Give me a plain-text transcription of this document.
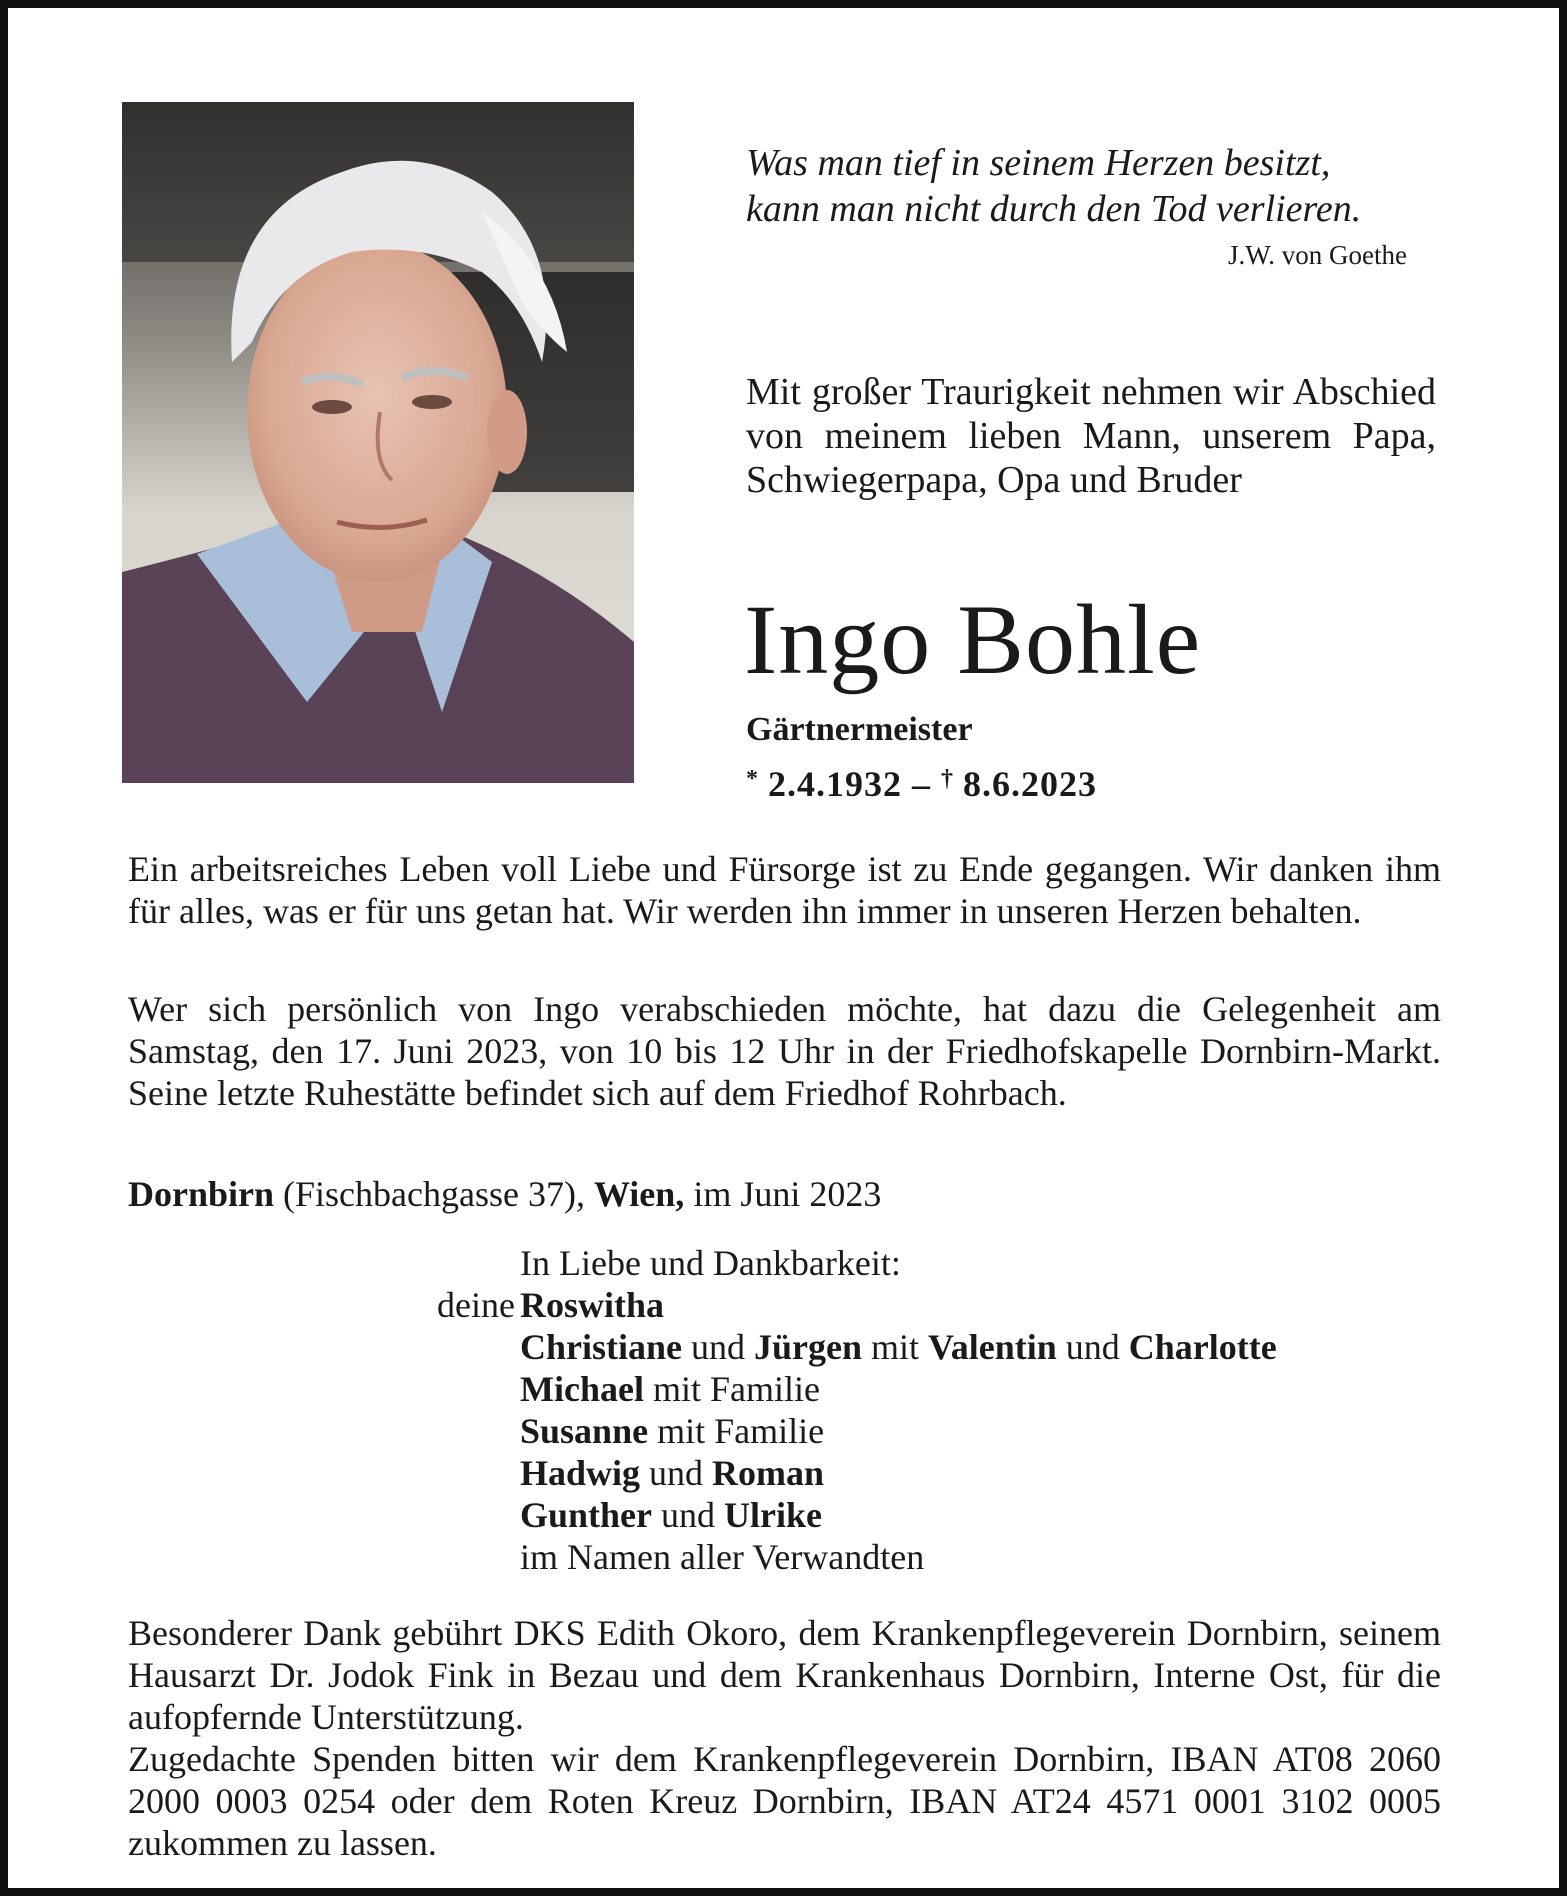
Was man tief in seinem Herzen besitzt,
kann man nicht durch den Tod verlieren.
J.W. von Goethe
Mit großer Traurigkeit nehmen wir Abschied von meinem lieben Mann, unserem Papa, Schwiegerpapa, Opa und Bruder
Ingo Bohle
Gärtnermeister
* 2.4.1932 – † 8.6.2023
Ein arbeitsreiches Leben voll Liebe und Fürsorge ist zu Ende gegangen. Wir danken ihm für alles, was er für uns getan hat. Wir werden ihn immer in unseren Herzen behalten.
Wer sich persönlich von Ingo verabschieden möchte, hat dazu die Gelegenheit am Samstag, den 17. Juni 2023, von 10 bis 12 Uhr in der Friedhofskapelle Dornbirn-Markt. Seine letzte Ruhestätte befindet sich auf dem Friedhof Rohrbach.
Dornbirn (Fischbachgasse 37), Wien, im Juni 2023
In Liebe und Dankbarkeit:
deine Roswitha
Christiane und Jürgen mit Valentin und Charlotte
Michael mit Familie
Susanne mit Familie
Hadwig und Roman
Gunther und Ulrike
im Namen aller Verwandten
Besonderer Dank gebührt DKS Edith Okoro, dem Krankenpflegeverein Dornbirn, seinem Hausarzt Dr. Jodok Fink in Bezau und dem Krankenhaus Dornbirn, Interne Ost, für die aufopfernde Unterstützung.
Zugedachte Spenden bitten wir dem Krankenpflegeverein Dornbirn, IBAN AT08 2060 2000 0003 0254 oder dem Roten Kreuz Dornbirn, IBAN AT24 4571 0001 3102 0005 zukommen zu lassen.
